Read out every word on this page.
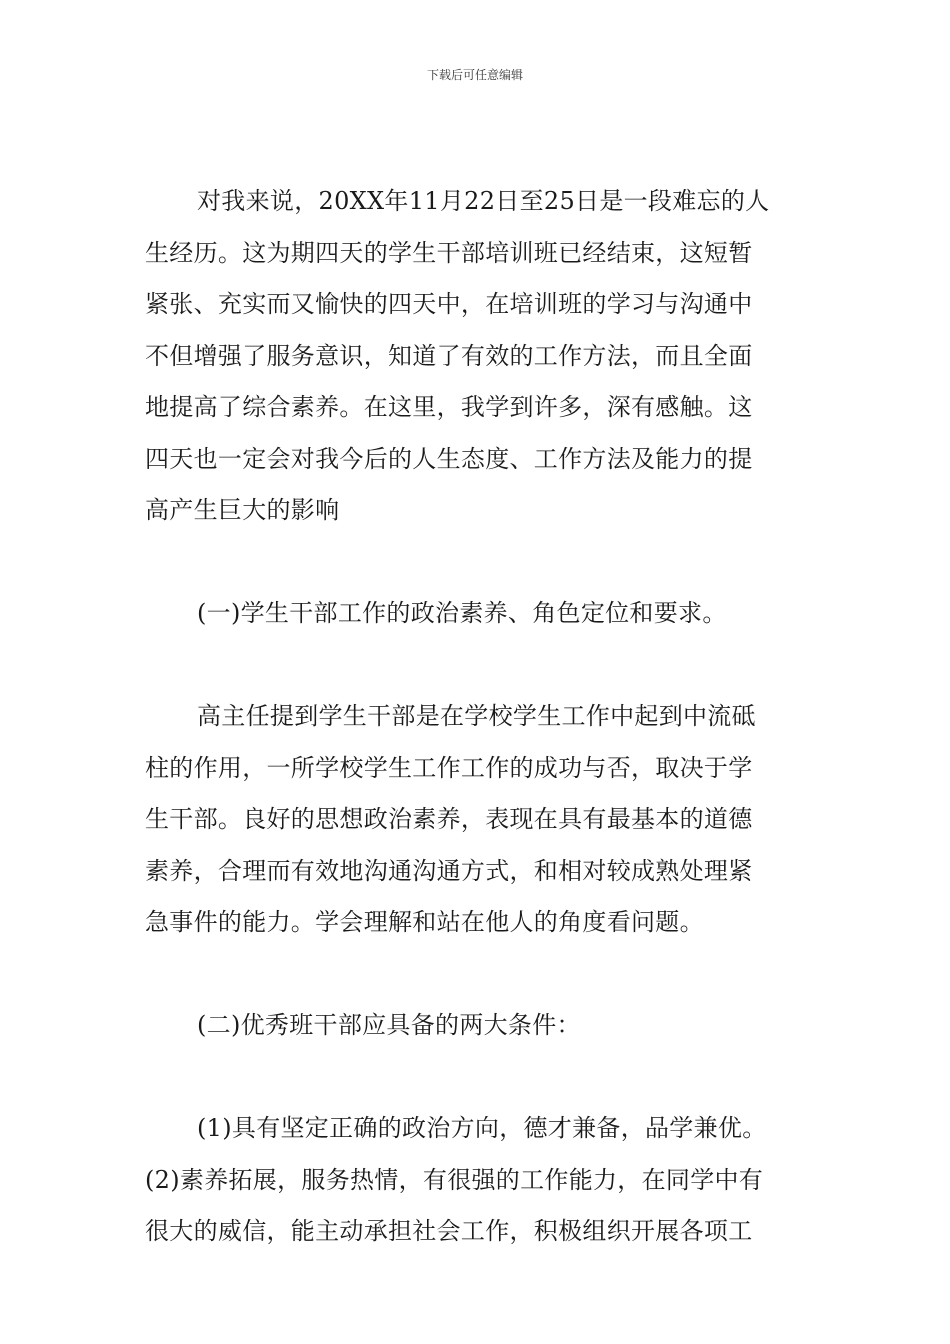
下载后可任意编辑
对我来说，20XX年11月22日至25日是一段难忘的人
生经历。这为期四天的学生干部培训班已经结束，这短暂
紧张、充实而又愉快的四天中，在培训班的学习与沟通中
不但增强了服务意识，知道了有效的工作方法，而且全面
地提高了综合素养。在这里，我学到许多，深有感触。这
四天也一定会对我今后的人生态度、工作方法及能力的提
高产生巨大的影响
(一)学生干部工作的政治素养、角色定位和要求。
高主任提到学生干部是在学校学生工作中起到中流砥
柱的作用，一所学校学生工作工作的成功与否，取决于学
生干部。良好的思想政治素养，表现在具有最基本的道德
素养，合理而有效地沟通沟通方式，和相对较成熟处理紧
急事件的能力。学会理解和站在他人的角度看问题。
(二)优秀班干部应具备的两大条件：
(1)具有坚定正确的政治方向，德才兼备，品学兼优。
(2)素养拓展，服务热情，有很强的工作能力，在同学中有
很大的威信，能主动承担社会工作，积极组织开展各项工
